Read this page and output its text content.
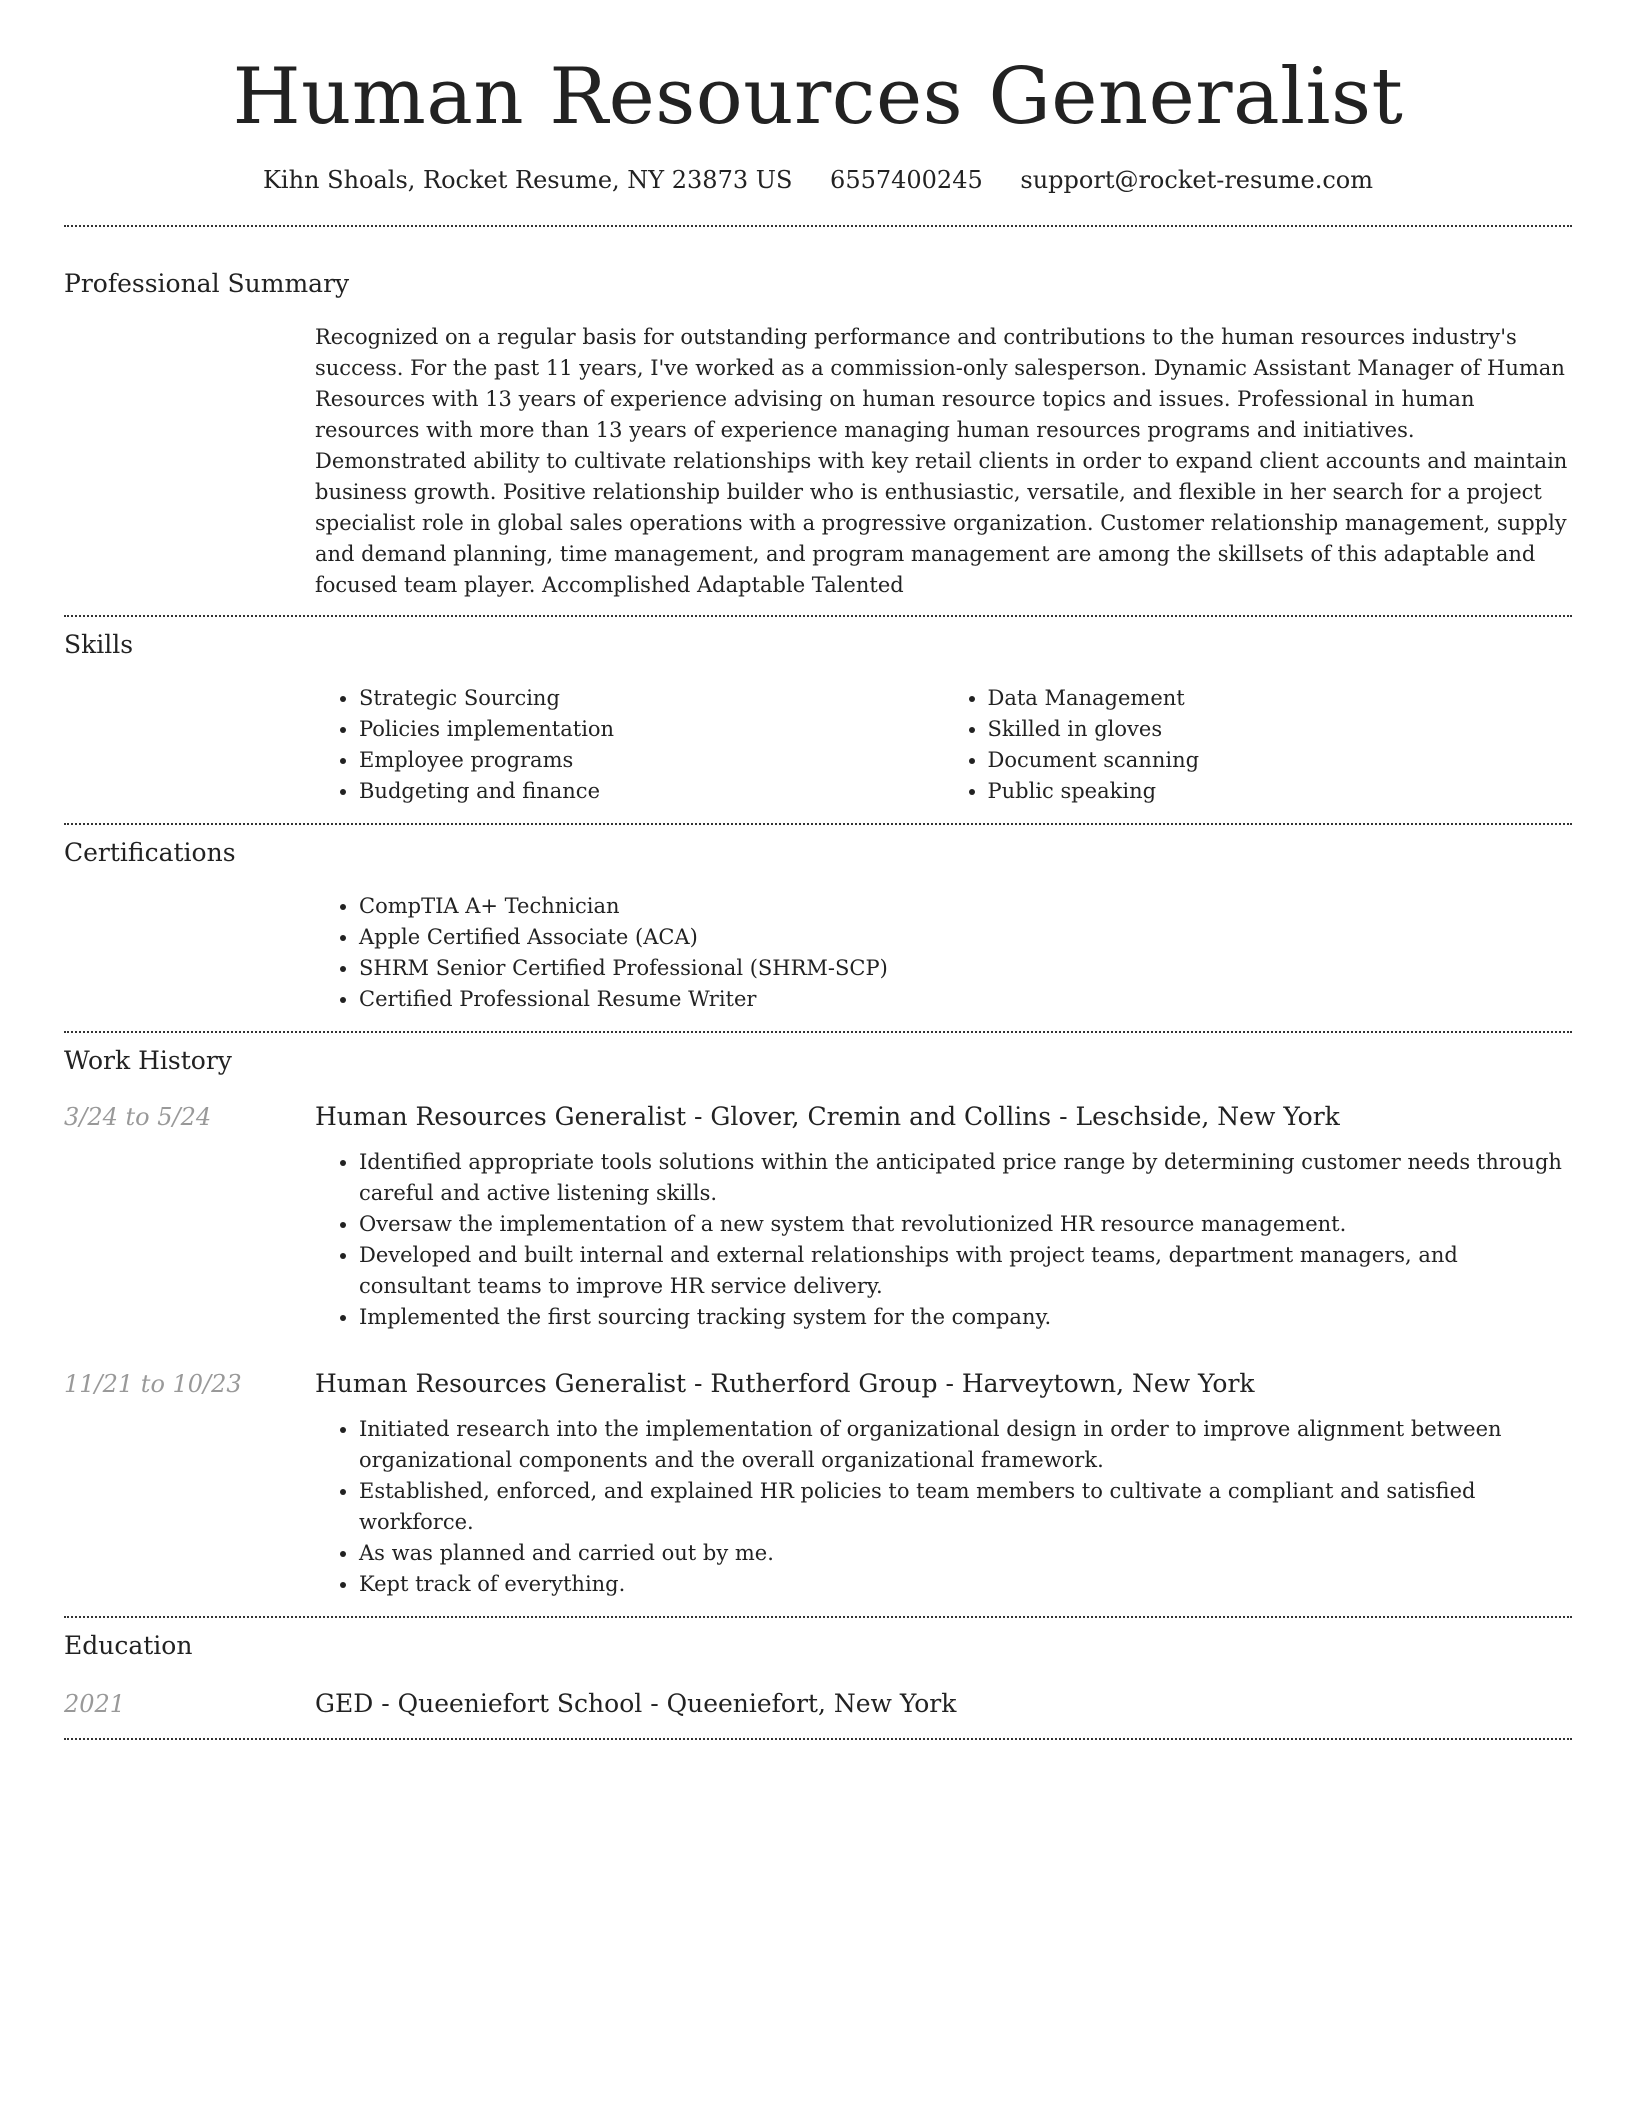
Human Resources Generalist
Kihn Shoals, Rocket Resume, NY 23873 US 6557400245 support@rocket-resume.com
Professional Summary
Recognized on a regular basis for outstanding performance and contributions to the human resources industry's success. For the past 11 years, I've worked as a commission-only salesperson. Dynamic Assistant Manager of Human Resources with 13 years of experience advising on human resource topics and issues. Professional in human resources with more than 13 years of experience managing human resources programs and initiatives. Demonstrated ability to cultivate relationships with key retail clients in order to expand client accounts and maintain business growth. Positive relationship builder who is enthusiastic, versatile, and flexible in her search for a project specialist role in global sales operations with a progressive organization. Customer relationship management, supply and demand planning, time management, and program management are among the skillsets of this adaptable and focused team player. Accomplished Adaptable Talented
Skills
• Strategic Sourcing
• Policies implementation
• Employee programs
• Budgeting and finance
• Data Management
• Skilled in gloves
• Document scanning
• Public speaking
Certifications
• CompTIA A+ Technician
• Apple Certified Associate (ACA)
• SHRM Senior Certified Professional (SHRM-SCP)
• Certified Professional Resume Writer
Work History
3/24 to 5/24	Human Resources Generalist - Glover, Cremin and Collins - Leschside, New York
• Identified appropriate tools solutions within the anticipated price range by determining customer needs through careful and active listening skills.
• Oversaw the implementation of a new system that revolutionized HR resource management.
• Developed and built internal and external relationships with project teams, department managers, and consultant teams to improve HR service delivery.
• Implemented the first sourcing tracking system for the company.
11/21 to 10/23	Human Resources Generalist - Rutherford Group - Harveytown, New York
• Initiated research into the implementation of organizational design in order to improve alignment between organizational components and the overall organizational framework.
• Established, enforced, and explained HR policies to team members to cultivate a compliant and satisfied workforce.
• As was planned and carried out by me.
• Kept track of everything.
Education
2021	GED - Queeniefort School - Queeniefort, New York
